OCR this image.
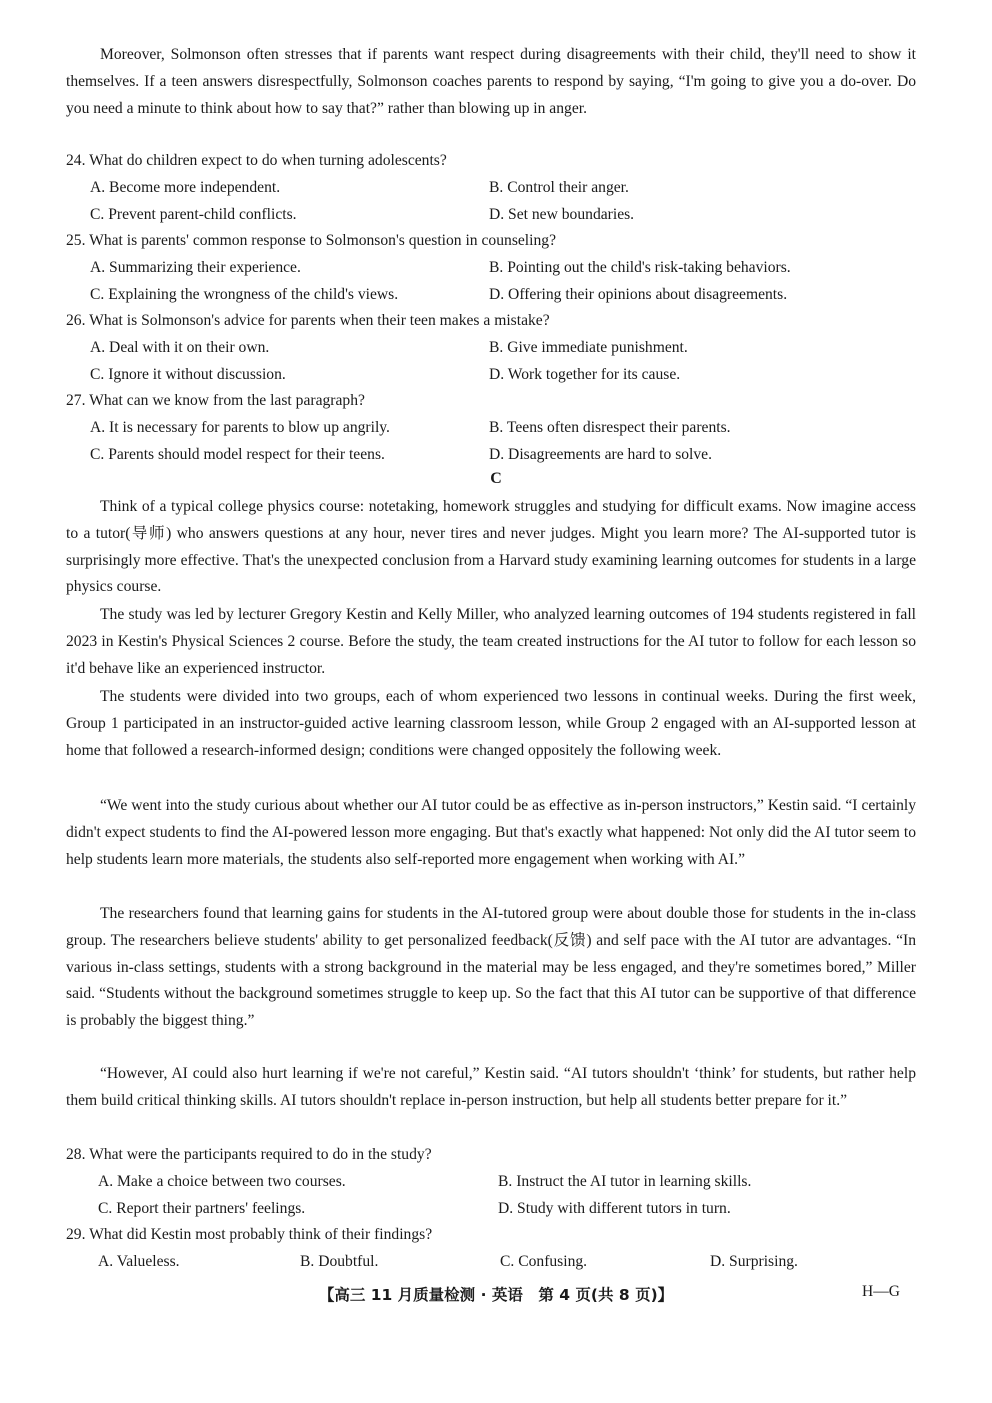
Moreover, Solmonson often stresses that if parents want respect during disagreements with their child, they'll need to show it themselves. If a teen answers disrespectfully, Solmonson coaches parents to respond by saying, “I'm going to give you a do-over. Do you need a minute to think about how to say that?” rather than blowing up in anger.

24. What do children expect to do when turning adolescents?

A. Become more independent.	B. Control their anger.

C. Prevent parent-child conflicts.	D. Set new boundaries.

25. What is parents' common response to Solmonson's question in counseling?

A. Summarizing their experience.	B. Pointing out the child's risk-taking behaviors.

C. Explaining the wrongness of the child's views.	D. Offering their opinions about disagreements.

26. What is Solmonson's advice for parents when their teen makes a mistake?

A. Deal with it on their own.	B. Give immediate punishment.

C. Ignore it without discussion.	D. Work together for its cause.

27. What can we know from the last paragraph?

A. It is necessary for parents to blow up angrily.	B. Teens often disrespect their parents.

C. Parents should model respect for their teens.	D. Disagreements are hard to solve.

C

Think of a typical college physics course: notetaking, homework struggles and studying for difficult exams. Now imagine access to a tutor(导师) who answers questions at any hour, never tires and never judges. Might you learn more? The AI-supported tutor is surprisingly more effective. That's the unexpected conclusion from a Harvard study examining learning outcomes for students in a large physics course.

The study was led by lecturer Gregory Kestin and Kelly Miller, who analyzed learning outcomes of 194 students registered in fall 2023 in Kestin's Physical Sciences 2 course. Before the study, the team created instructions for the AI tutor to follow for each lesson so it'd behave like an experienced instructor.

The students were divided into two groups, each of whom experienced two lessons in continual weeks. During the first week, Group 1 participated in an instructor-guided active learning classroom lesson, while Group 2 engaged with an AI-supported lesson at home that followed a research-informed design; conditions were changed oppositely the following week.

“We went into the study curious about whether our AI tutor could be as effective as in-person instructors,” Kestin said. “I certainly didn't expect students to find the AI-powered lesson more engaging. But that's exactly what happened: Not only did the AI tutor seem to help students learn more materials, the students also self-reported more engagement when working with AI.”

The researchers found that learning gains for students in the AI-tutored group were about double those for students in the in-class group. The researchers believe students' ability to get personalized feedback(反馈) and self pace with the AI tutor are advantages. “In various in-class settings, students with a strong background in the material may be less engaged, and they're sometimes bored,” Miller said. “Students without the background sometimes struggle to keep up. So the fact that this AI tutor can be supportive of that difference is probably the biggest thing.”

“However, AI could also hurt learning if we're not careful,” Kestin said. “AI tutors shouldn't ‘think’ for students, but rather help them build critical thinking skills. AI tutors shouldn't replace in-person instruction, but help all students better prepare for it.”

28. What were the participants required to do in the study?

A. Make a choice between two courses.	B. Instruct the AI tutor in learning skills.

C. Report their partners' feelings.	D. Study with different tutors in turn.

29. What did Kestin most probably think of their findings?

A. Valueless.	B. Doubtful.	C. Confusing.	D. Surprising.

【高三 11 月质量检测 · 英语　第 4 页(共 8 页)】	H—G
